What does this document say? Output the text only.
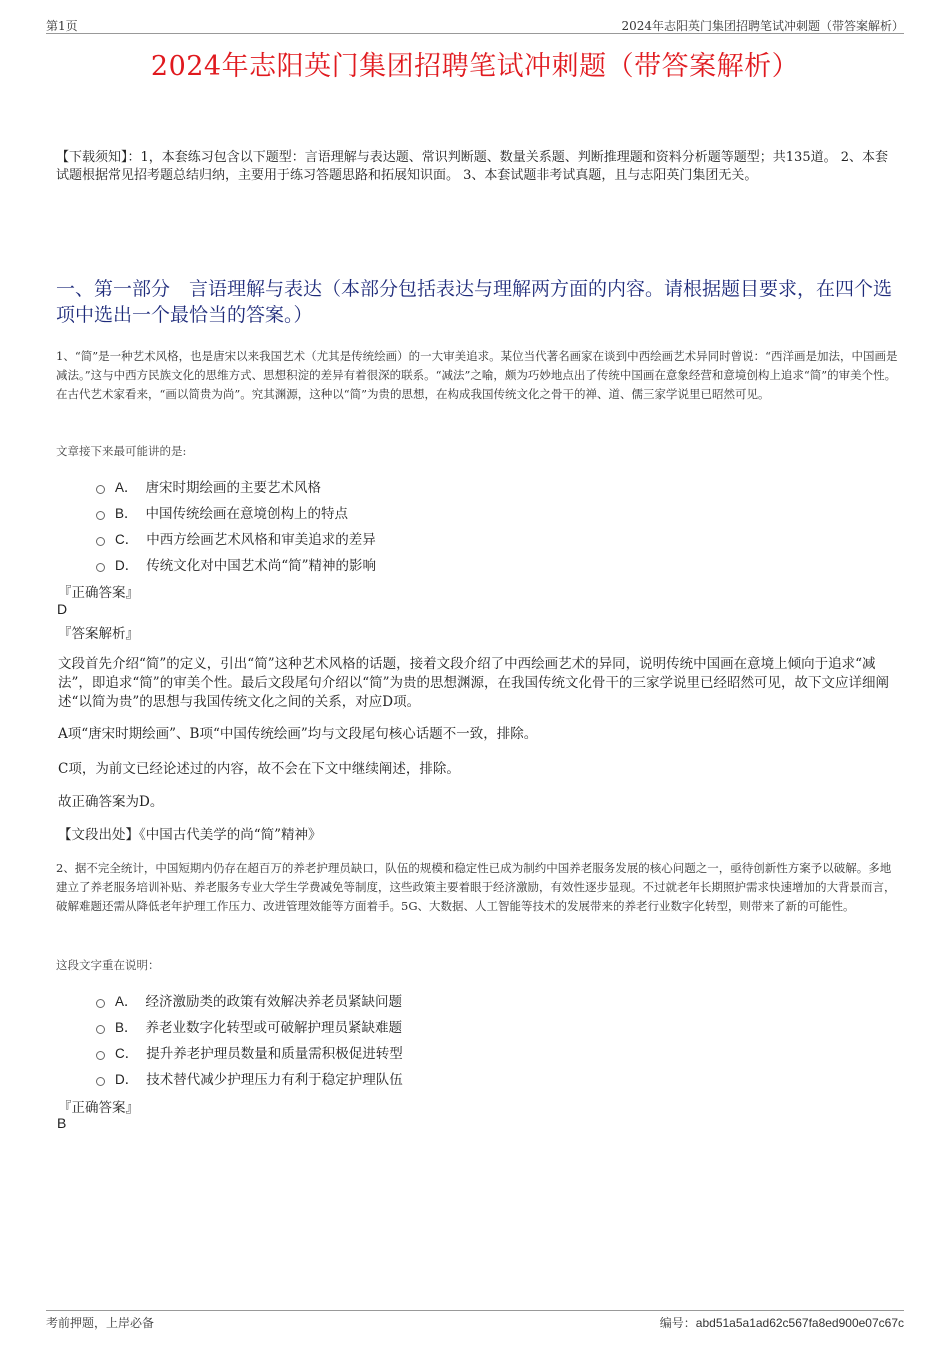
第1页	2024年志阳英门集团招聘笔试冲刺题（带答案解析）
2024年志阳英门集团招聘笔试冲刺题（带答案解析）
【下载须知】：1，本套练习包含以下题型：言语理解与表达题、常识判断题、数量关系题、判断推理题和资料分析题等题型；共135道。 2、本套试题根据常见招考题总结归纳，主要用于练习答题思路和拓展知识面。 3、本套试题非考试真题，且与志阳英门集团无关。
一、第一部分　言语理解与表达（本部分包括表达与理解两方面的内容。请根据题目要求，在四个选项中选出一个最恰当的答案。）
1、“简”是一种艺术风格，也是唐宋以来我国艺术（尤其是传统绘画）的一大审美追求。某位当代著名画家在谈到中西绘画艺术异同时曾说：“西洋画是加法，中国画是减法。”这与中西方民族文化的思维方式、思想积淀的差异有着很深的联系。“减法”之喻，颇为巧妙地点出了传统中国画在意象经营和意境创构上追求“简”的审美个性。在古代艺术家看来，“画以简贵为尚”。究其渊源，这种以“简”为贵的思想，在构成我国传统文化之骨干的禅、道、儒三家学说里已昭然可见。
文章接下来最可能讲的是:
A． 唐宋时期绘画的主要艺术风格
B． 中国传统绘画在意境创构上的特点
C． 中西方绘画艺术风格和审美追求的差异
D． 传统文化对中国艺术尚“简”精神的影响
『正确答案』
D
『答案解析』
文段首先介绍“简”的定义，引出“简”这种艺术风格的话题，接着文段介绍了中西绘画艺术的异同，说明传统中国画在意境上倾向于追求“减法”，即追求“简”的审美个性。最后文段尾句介绍以“简”为贵的思想渊源，在我国传统文化骨干的三家学说里已经昭然可见，故下文应详细阐述“以简为贵”的思想与我国传统文化之间的关系，对应D项。
A项“唐宋时期绘画”、B项“中国传统绘画”均与文段尾句核心话题不一致，排除。
C项，为前文已经论述过的内容，故不会在下文中继续阐述，排除。
故正确答案为D。
【文段出处】《中国古代美学的尚“简”精神》
2、据不完全统计，中国短期内仍存在超百万的养老护理员缺口，队伍的规模和稳定性已成为制约中国养老服务发展的核心问题之一，亟待创新性方案予以破解。多地建立了养老服务培训补贴、养老服务专业大学生学费减免等制度，这些政策主要着眼于经济激励，有效性逐步显现。不过就老年长期照护需求快速增加的大背景而言，破解难题还需从降低老年护理工作压力、改进管理效能等方面着手。5G、大数据、人工智能等技术的发展带来的养老行业数字化转型，则带来了新的可能性。
这段文字重在说明：
A． 经济激励类的政策有效解决养老员紧缺问题
B． 养老业数字化转型或可破解护理员紧缺难题
C． 提升养老护理员数量和质量需积极促进转型
D． 技术替代减少护理压力有利于稳定护理队伍
『正确答案』
B
考前押题，上岸必备	编号：abd51a5a1ad62c567fa8ed900e07c67c
